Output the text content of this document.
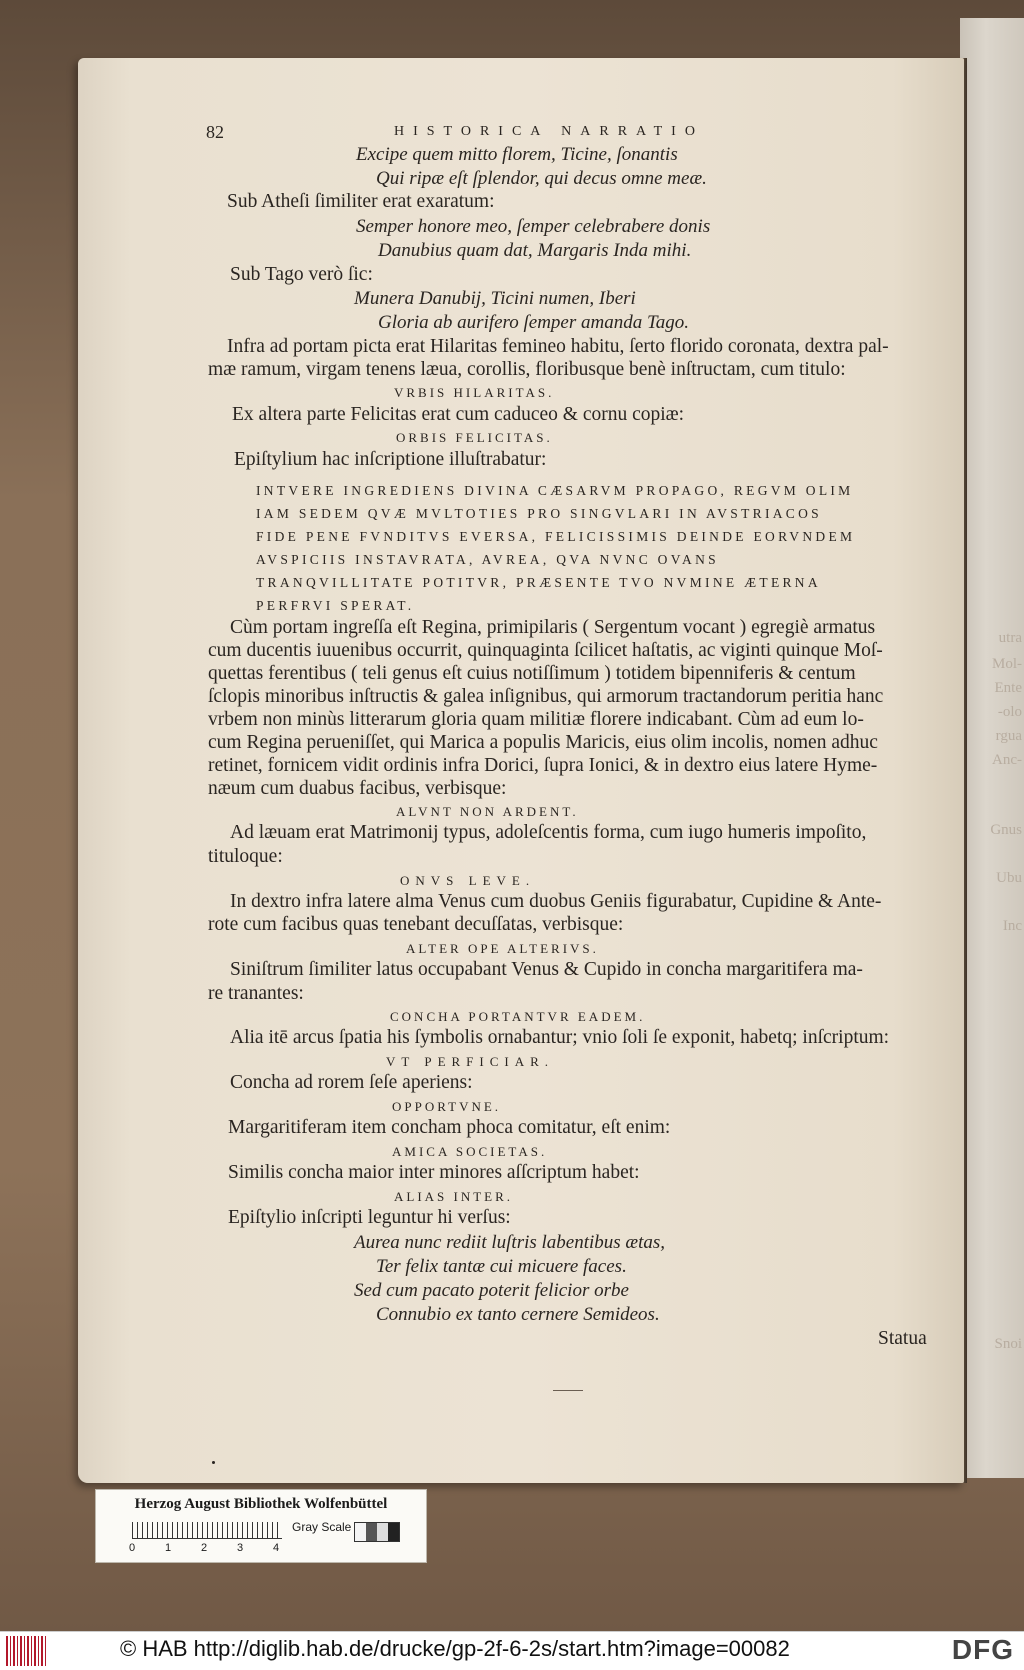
utra
Mol-
Ente
-olo
rgua
Anc-
Gnus
Ubu
Inc
Snoi
82	HISTORICA NARRATIO
Excipe quem mitto florem, Ticine, ſonantis
Qui ripæ eſt ſplendor, qui decus omne meæ.
Sub Atheſi ſimiliter erat exaratum:
Semper honore meo, ſemper celebrabere donis
Danubius quam dat, Margaris Inda mihi.
Sub Tago verò ſic:
Munera Danubij, Ticini numen, Iberi
Gloria ab aurifero ſemper amanda Tago.
Infra ad portam picta erat Hilaritas femineo habitu, ſerto florido coronata, dextra pal-
mæ ramum, virgam tenens læua, corollis, floribusque benè inſtructam, cum titulo:
VRBIS HILARITAS.
Ex altera parte Felicitas erat cum caduceo & cornu copiæ:
ORBIS FELICITAS.
Epiſtylium hac inſcriptione illuſtrabatur:
INTVERE INGREDIENS DIVINA CÆSARVM PROPAGO, REGVM OLIM
IAM SEDEM QVÆ MVLTOTIES PRO SINGVLARI IN AVSTRIACOS
FIDE PENE FVNDITVS EVERSA, FELICISSIMIS DEINDE EORVNDEM
AVSPICIIS INSTAVRATA, AVREA, QVA NVNC OVANS
TRANQVILLITATE POTITVR, PRÆSENTE TVO NVMINE ÆTERNA
PERFRVI SPERAT.
Cùm portam ingreſſa eſt Regina, primipilaris ( Sergentum vocant ) egregiè armatus
cum ducentis iuuenibus occurrit, quinquaginta ſcilicet haſtatis, ac viginti quinque Moſ-
quettas ferentibus ( teli genus eſt cuius notiſſimum ) totidem bipenniferis & centum
ſclopis minoribus inſtructis & galea inſignibus, qui armorum tractandorum peritia hanc
vrbem non minùs litterarum gloria quam militiæ florere indicabant. Cùm ad eum lo-
cum Regina perueniſſet, qui Marica a populis Maricis, eius olim incolis, nomen adhuc
retinet, fornicem vidit ordinis infra Dorici, ſupra Ionici, & in dextro eius latere Hyme-
næum cum duabus facibus, verbisque:
ALVNT NON ARDENT.
Ad læuam erat Matrimonij typus, adoleſcentis forma, cum iugo humeris impoſito,
tituloque:
ONVS LEVE.
In dextro infra latere alma Venus cum duobus Geniis figurabatur, Cupidine & Ante-
rote cum facibus quas tenebant decuſſatas, verbisque:
ALTER OPE ALTERIVS.
Siniſtrum ſimiliter latus occupabant Venus & Cupido in concha margaritifera ma-
re tranantes:
CONCHA PORTANTVR EADEM.
Alia itē arcus ſpatia his ſymbolis ornabantur; vnio ſoli ſe exponit, habetq; inſcriptum:
VT PERFICIAR.
Concha ad rorem ſeſe aperiens:
OPPORTVNE.
Margaritiferam item concham phoca comitatur, eſt enim:
AMICA SOCIETAS.
Similis concha maior inter minores aſſcriptum habet:
ALIAS INTER.
Epiſtylio inſcripti leguntur hi verſus:
Aurea nunc rediit luſtris labentibus ætas,
Ter felix tantæ cui micuere faces.
Sed cum pacato poterit felicior orbe
Connubio ex tanto cernere Semideos.
Statua
Herzog August Bibliothek Wolfenbüttel
0	1	2	3	4
Gray Scale
© HAB http://diglib.hab.de/drucke/gp-2f-6-2s/start.htm?image=00082	DFG
